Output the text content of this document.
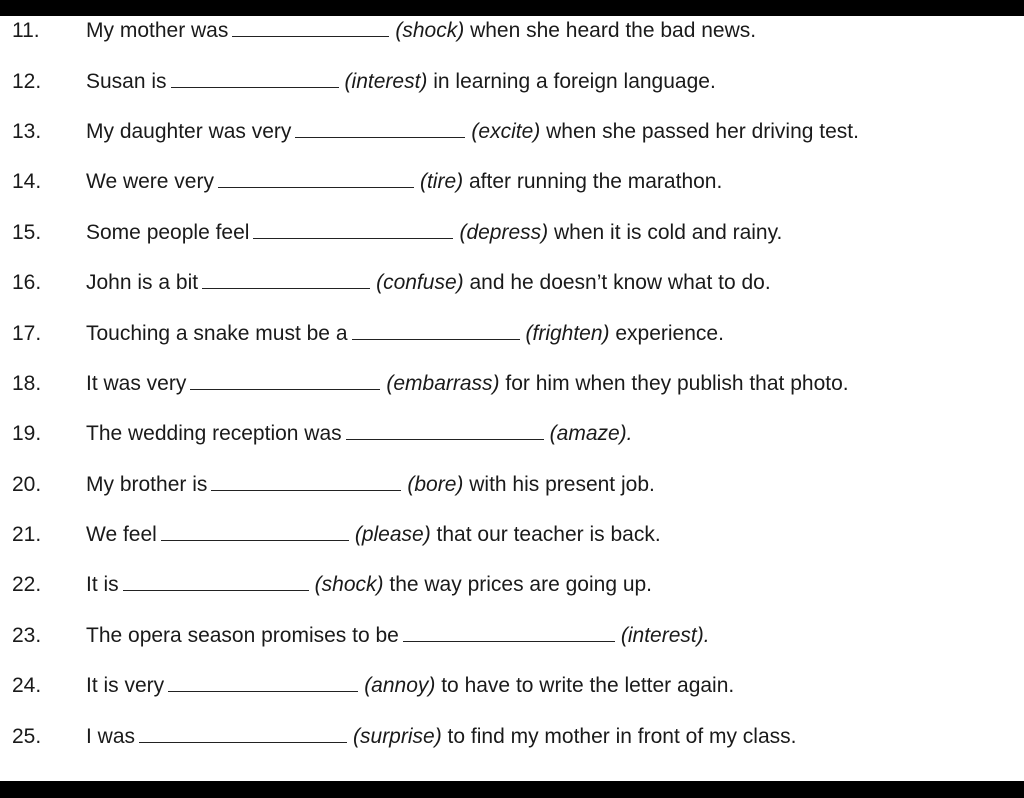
11.	My mother was	(shock) when she heard the bad news.
12.	Susan is	(interest) in learning a foreign language.
13.	My daughter was very	(excite) when she passed her driving test.
14.	We were very	(tire) after running the marathon.
15.	Some people feel	(depress) when it is cold and rainy.
16.	John is a bit	(confuse) and he doesn’t know what to do.
17.	Touching a snake must be a	(frighten) experience.
18.	It was very	(embarrass) for him when they publish that photo.
19.	The wedding reception was	(amaze).
20.	My brother is	(bore) with his present job.
21.	We feel	(please) that our teacher is back.
22.	It is	(shock) the way prices are going up.
23.	The opera season promises to be	(interest).
24.	It is very	(annoy) to have to write the letter again.
25.	I was	(surprise) to find my mother in front of my class.
